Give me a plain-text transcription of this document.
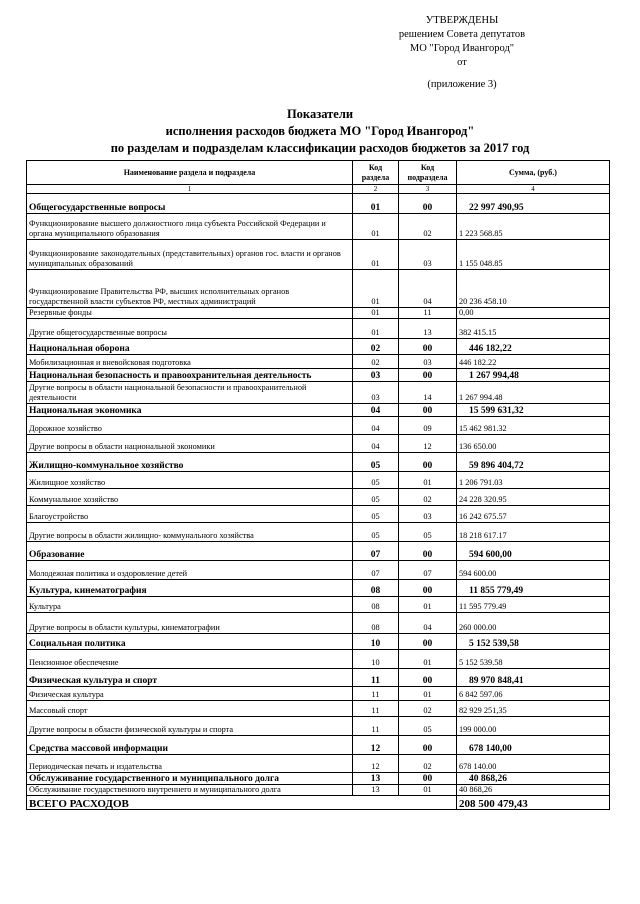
УТВЕРЖДЕНЫ
решением Совета депутатов
МО "Город Ивангород"
от
(приложение 3)
Показатели
исполнения расходов бюджета МО "Город Ивангород"
по разделам и подразделам классификации расходов бюджетов за 2017 год
Наименование раздела и подраздела	Код раздела	Код подраздела	Сумма, (руб.)
1	2	3	4
Общегосударственные вопросы	01	00	22 997 490,95
Функционирование высшего должностного лица субъекта Российской Федерации и органа муниципального образования	01	02	1 223 568.85
Функционирование законодательных (представительных) органов гос. власти и органов муниципальных образований	01	03	1 155 048.85
Функционирование Правительства РФ, высших исполнительных органов государственной власти субъектов РФ, местных администраций	01	04	20 236 458.10
Резервные фонды	01	11	0,00
Другие общегосударственные вопросы	01	13	382 415.15
Национальная оборона	02	00	446 182,22
Мобилизационная и вневойсковая подготовка	02	03	446 182.22
Национальная безопасность и правоохранительная деятельность	03	00	1 267 994,48
Другие вопросы в области национальной безопасности и правоохранительной деятельности	03	14	1 267 994.48
Национальная экономика	04	00	15 599 631,32
Дорожное хозяйство	04	09	15 462 981.32
Другие вопросы в области национальной экономики	04	12	136 650.00
Жилищно-коммунальное хозяйство	05	00	59 896 404,72
Жилищное хозяйство	05	01	1 206 791.03
Коммунальное хозяйство	05	02	24 228 320.95
Благоустройство	05	03	16 242 675.57
Другие вопросы в области жилищно- коммунального хозяйства	05	05	18 218 617.17
Образование	07	00	594 600,00
Молодежная политика и оздоровление детей	07	07	594 600.00
Культура, кинематография	08	00	11 855 779,49
Культура	08	01	11 595 779.49
Другие вопросы в области культуры, кинематографии	08	04	260 000.00
Социальная политика	10	00	5 152 539,58
Пенсионное обеспечение	10	01	5 152 539.58
Физическая культура и спорт	11	00	89 970 848,41
Физическая культура	11	01	6 842 597.06
Массовый спорт	11	02	82 929 251,35
Другие вопросы в области физической культуры и спорта	11	05	199 000.00
Средства массовой информации	12	00	678 140,00
Периодическая печать и издательства	12	02	678 140.00
Обслуживание государственного и муниципального долга	13	00	40 868,26
Обслуживание государственного внутреннего и муниципального долга	13	01	40 868,26
ВСЕГО РАСХОДОВ			208 500 479,43
